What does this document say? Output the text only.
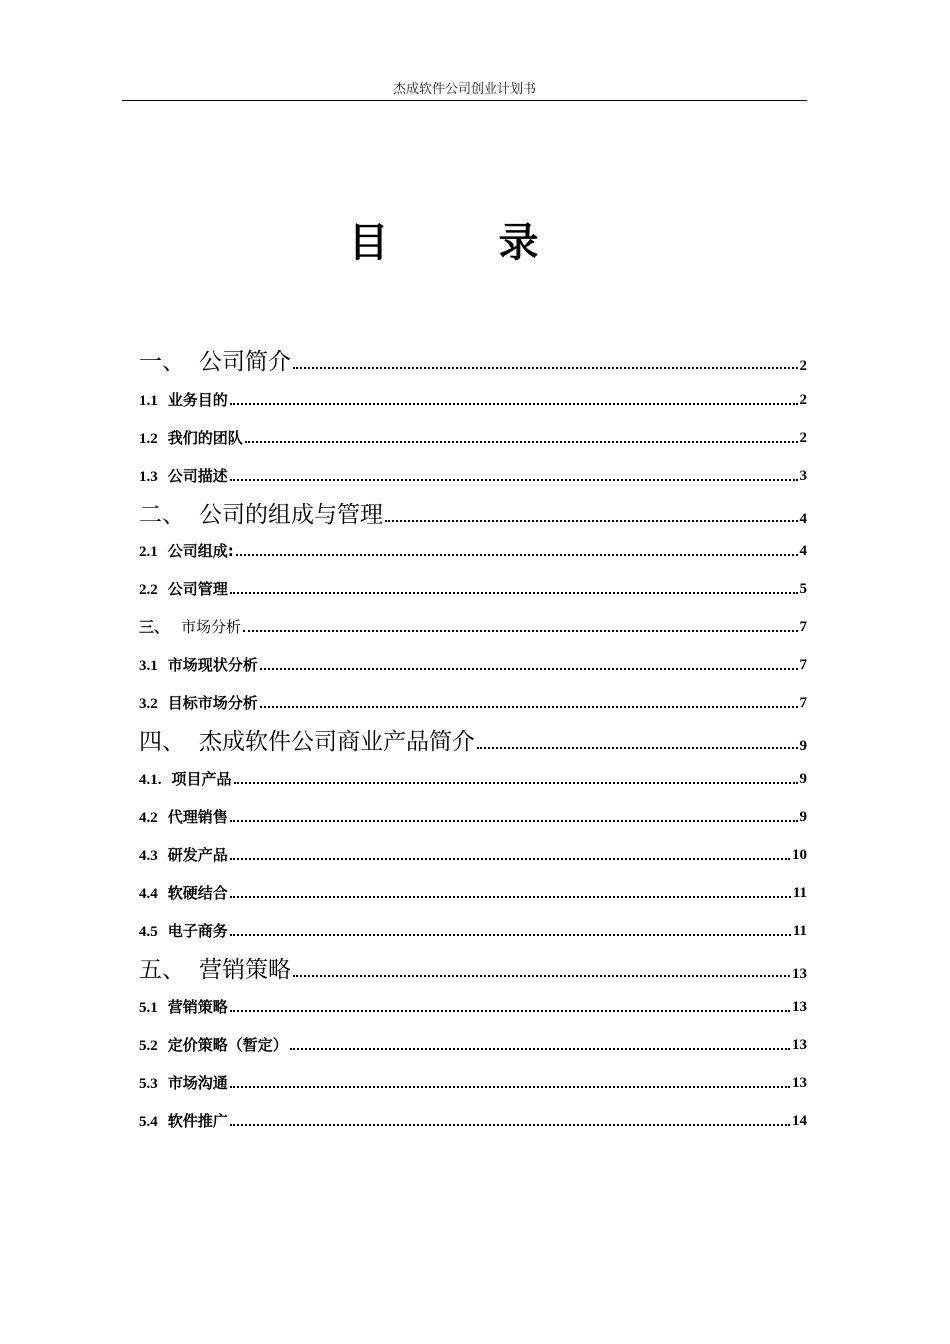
杰成软件公司创业计划书
目 录
一、 公司简介	2
1.1 业务目的	2
1.2 我们的团队	2
1.3 公司描述	3
二、 公司的组成与管理	4
2.1 公司组成:	4
2.2 公司管理	5
三、 市场分析	7
3.1 市场现状分析	7
3.2 目标市场分析	7
四、 杰成软件公司商业产品简介	9
4.1. 项目产品	9
4.2 代理销售	9
4.3 研发产品	10
4.4 软硬结合	11
4.5 电子商务	11
五、 营销策略	13
5.1 营销策略	13
5.2 定价策略（暂定）	13
5.3 市场沟通	13
5.4 软件推广	14
